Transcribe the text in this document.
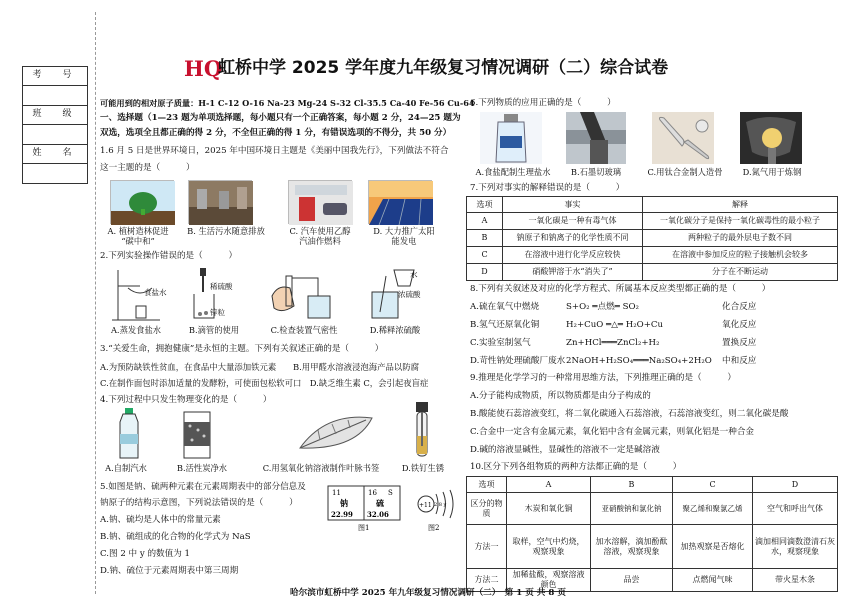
考　号
班　级
姓　名
HQ
虹桥中学 2025 学年度九年级复习情况调研（二）综合试卷
可能用到的相对原子质量：H-1 C-12 O-16 Na-23 Mg-24 S-32 Cl-35.5 Ca-40 Fe-56 Cu-64
一、选择题（1—23 题为单项选择题，每小题只有一个正确答案，每小题 2 分，24—25 题为
双选，选项全且都正确的得 2 分，不全但正确的得 1 分，有错误选项的不得分，共 50 分）
1.6 月 5 日是世界环境日，2025 年中国环境日主题是《美丽中国我先行》，下列做法不符合
这一主题的是（　　　）
A. 植树造林促进
“碳中和”
B. 生活污水随意排放	C. 汽车使用乙醇
汽油作燃料
D. 大力推广太阳
能发电
2.下列实验操作错误的是（　　　）
食盐水
稀硫酸
锌粒
水
浓硫酸
A.蒸发食盐水	B.滴管的使用	C.检查装置气密性	D.稀释浓硫酸
3.“关爱生命，拥抱健康”是永恒的主题。下列有关叙述正确的是（　　　）
A.为预防缺铁性贫血，在食品中大量添加铁元素　　B.用甲醛水溶液浸泡海产品以防腐
C.在制作面包时添加适量的发酵粉，可使面包松软可口　D.缺乏维生素 C，会引起夜盲症
4.下列过程中只发生物理变化的是（　　　）
A.自制汽水	B.活性炭净水	C.用氢氧化钠溶液制作叶脉书签	D.铁钉生锈
5.如图是钠、硫两种元素在元素周期表中的部分信息及
钠原子的结构示意图，下列说法错误的是（　　　）
A.钠、硫均是人体中的常量元素
B.钠、硫组成的化合物的化学式为 NaS
C.图 2 中 y 的数值为 1
D.钠、硫位于元素周期表中第三周期
11
钠
22.99
16 S
硫
32.06
图1
+11 2 8 y
图2
6.下列物质的应用正确的是（　　　）
A.食盐配制生理盐水	B.石墨切玻璃	C.用钛合金制人造骨	D.氮气用于炼钢
7.下列对事实的解释错误的是（　　　）
选项	事实	解释
A	一氧化碳是一种有毒气体	一氧化碳分子是保持一氧化碳毒性的最小粒子
B	钠原子和钠离子的化学性质不同	两种粒子的最外层电子数不同
C	在溶液中进行化学反应较快	在溶液中参加反应的粒子接触机会较多
D	硝酸钾溶于水“消失了”	分子在不断运动
8.下列有关叙述及对应的化学方程式、所属基本反应类型都正确的是（　　　）
A.硫在氧气中燃烧	S+O₂ ═点燃═ SO₂	化合反应
B.氢气还原氧化铜	H₂+CuO ═△═ H₂O+Cu	氧化反应
C.实验室制氢气	Zn+HCl═══ZnCl₂+H₂	置换反应
D.苛性钠处理硫酸厂废水 2NaOH+H₂SO₄═══Na₂SO₄+2H₂O 中和反应
9.推理是化学学习的一种常用思维方法，下列推理正确的是（　　　）
A.分子能构成物质，所以物质都是由分子构成的
B.酸能使石蕊溶液变红，将二氧化碳通入石蕊溶液，石蕊溶液变红，则二氧化碳是酸
C.合金中一定含有金属元素，氧化铝中含有金属元素，则氧化铝是一种合金
D.碱的溶液显碱性，显碱性的溶液不一定是碱溶液
10.区分下列各组物质的两种方法都正确的是（　　　）
选项	A	B	C	D
区分的物质	木炭和氧化铜	亚硝酸钠和氯化钠	聚乙烯和聚氯乙烯	空气和呼出气体
方法一	取样，空气中灼烧，观察现象	加水溶解，滴加酚酞溶液，观察现象	加热观察是否熔化	滴加相同滴数澄清石灰水，观察现象
方法二	加稀盐酸，观察溶液颜色	品尝	点燃闻气味	带火星木条
哈尔滨市虹桥中学 2025 年九年级复习情况调研（二）　第 1 页 共 8 页
